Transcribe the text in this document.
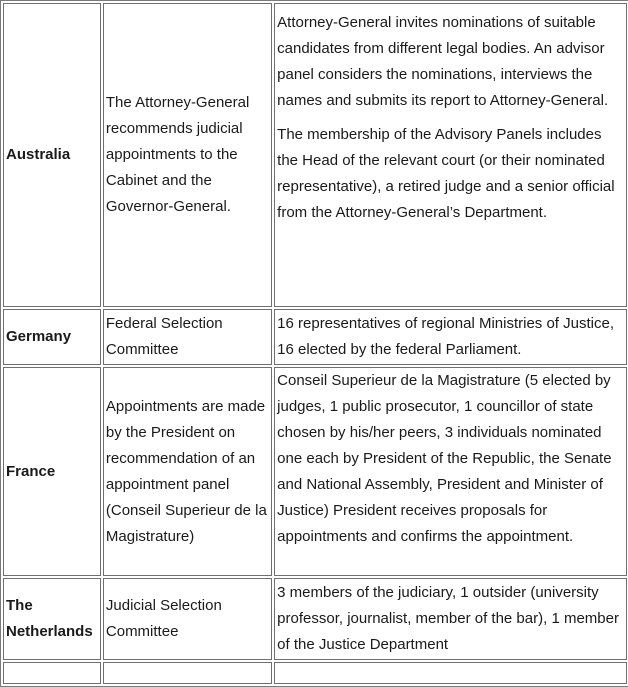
Australia	The Attorney-General recommends judicial appointments to the Cabinet and the Governor-General.	Attorney-General invites nominations of suitable candidates from different legal bodies. An advisor panel considers the nominations, interviews the names and submits its report to Attorney-General.

The membership of the Advisory Panels includes the Head of the relevant court (or their nominated representative), a retired judge and a senior official from the Attorney-General’s Department.

Germany	Federal Selection Committee	16 representatives of regional Ministries of Justice, 16 elected by the federal Parliament.

France	Appointments are made by the President on recommendation of an appointment panel (Conseil Superieur de la Magistrature)	Conseil Superieur de la Magistrature (5 elected by judges, 1 public prosecutor, 1 councillor of state chosen by his/her peers, 3 individuals nominated one each by President of the Republic, the Senate and National Assembly, President and Minister of Justice) President receives proposals for appointments and confirms the appointment.

The Netherlands	Judicial Selection Committee	3 members of the judiciary, 1 outsider (university professor, journalist, member of the bar), 1 member of the Justice Department
